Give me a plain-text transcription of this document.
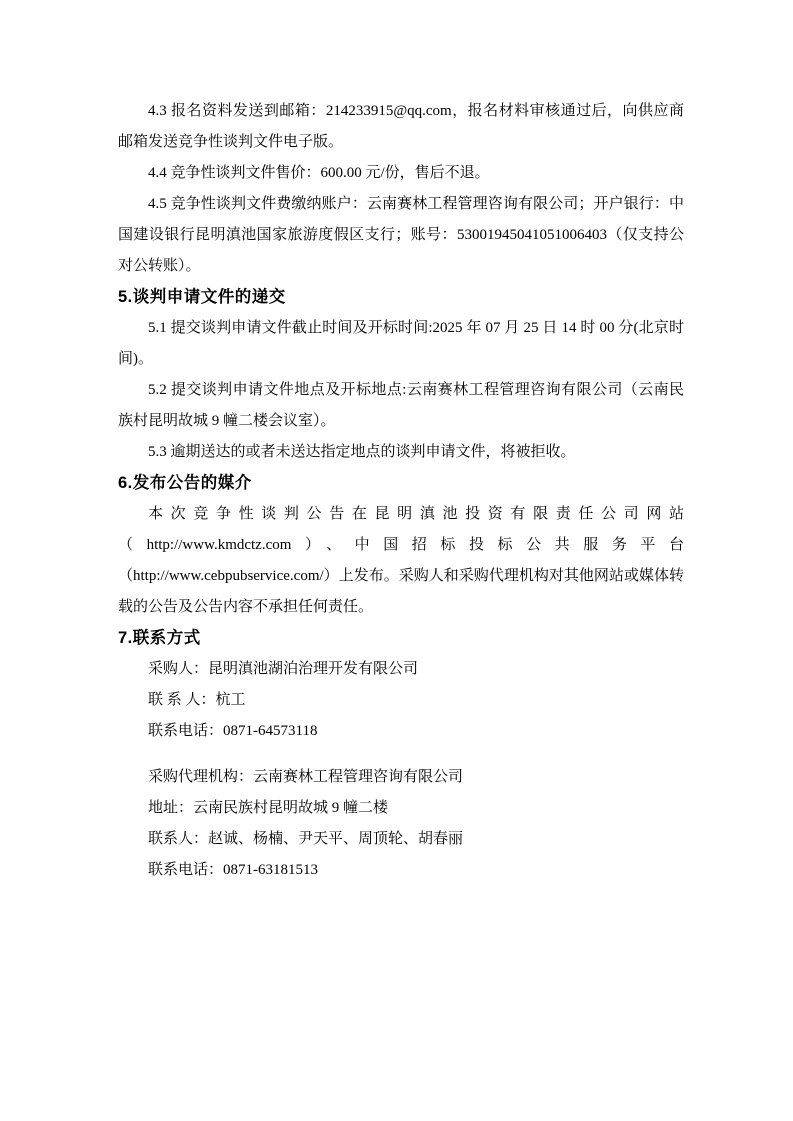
4.3 报名资料发送到邮箱：214233915@qq.com，报名材料审核通过后，向供应商邮箱发送竞争性谈判文件电子版。

4.4 竞争性谈判文件售价：600.00 元/份，售后不退。

4.5 竞争性谈判文件费缴纳账户：云南赛林工程管理咨询有限公司；开户银行：中国建设银行昆明滇池国家旅游度假区支行；账号：53001945041051006403（仅支持公对公转账）。

5.谈判申请文件的递交

5.1 提交谈判申请文件截止时间及开标时间:2025 年 07 月 25 日 14 时 00 分(北京时间)。

5.2 提交谈判申请文件地点及开标地点:云南赛林工程管理咨询有限公司（云南民族村昆明故城 9 幢二楼会议室）。

5.3 逾期送达的或者未送达指定地点的谈判申请文件，将被拒收。

6.发布公告的媒介

本次竞争性谈判公告在昆明滇池投资有限责任公司网站（http://www.kmdctz.com）、中国招标投标公共服务平台（http://www.cebpubservice.com/）上发布。采购人和采购代理机构对其他网站或媒体转载的公告及公告内容不承担任何责任。

7.联系方式

采购人：昆明滇池湖泊治理开发有限公司

联 系 人：杭工

联系电话：0871-64573118

采购代理机构：云南赛林工程管理咨询有限公司

地址：云南民族村昆明故城 9 幢二楼

联系人：赵诚、杨楠、尹天平、周顶轮、胡春丽

联系电话：0871-63181513
